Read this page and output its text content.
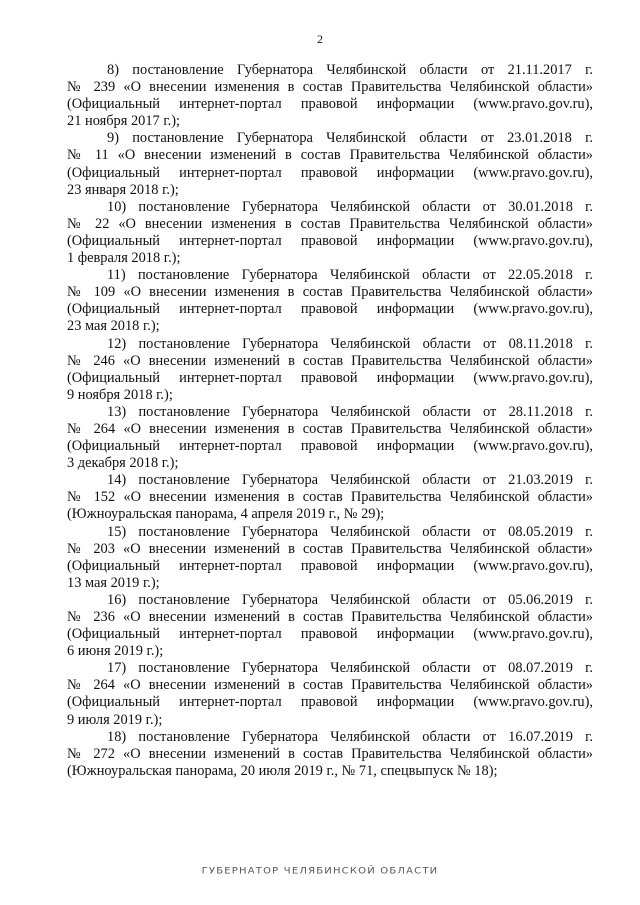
2
8) постановление Губернатора Челябинской области от 21.11.2017 г.
№ 239 «О внесении изменения в состав Правительства Челябинской области»
(Официальный интернет-портал правовой информации (www.pravo.gov.ru),
21 ноября 2017 г.);
9) постановление Губернатора Челябинской области от 23.01.2018 г.
№ 11 «О внесении изменений в состав Правительства Челябинской области»
(Официальный интернет-портал правовой информации (www.pravo.gov.ru),
23 января 2018 г.);
10) постановление Губернатора Челябинской области от 30.01.2018 г.
№ 22 «О внесении изменения в состав Правительства Челябинской области»
(Официальный интернет-портал правовой информации (www.pravo.gov.ru),
1 февраля 2018 г.);
11) постановление Губернатора Челябинской области от 22.05.2018 г.
№ 109 «О внесении изменения в состав Правительства Челябинской области»
(Официальный интернет-портал правовой информации (www.pravo.gov.ru),
23 мая 2018 г.);
12) постановление Губернатора Челябинской области от 08.11.2018 г.
№ 246 «О внесении изменений в состав Правительства Челябинской области»
(Официальный интернет-портал правовой информации (www.pravo.gov.ru),
9 ноября 2018 г.);
13) постановление Губернатора Челябинской области от 28.11.2018 г.
№ 264 «О внесении изменения в состав Правительства Челябинской области»
(Официальный интернет-портал правовой информации (www.pravo.gov.ru),
3 декабря 2018 г.);
14) постановление Губернатора Челябинской области от 21.03.2019 г.
№ 152 «О внесении изменения в состав Правительства Челябинской области»
(Южноуральская панорама, 4 апреля 2019 г., № 29);
15) постановление Губернатора Челябинской области от 08.05.2019 г.
№ 203 «О внесении изменений в состав Правительства Челябинской области»
(Официальный интернет-портал правовой информации (www.pravo.gov.ru),
13 мая 2019 г.);
16) постановление Губернатора Челябинской области от 05.06.2019 г.
№ 236 «О внесении изменений в состав Правительства Челябинской области»
(Официальный интернет-портал правовой информации (www.pravo.gov.ru),
6 июня 2019 г.);
17) постановление Губернатора Челябинской области от 08.07.2019 г.
№ 264 «О внесении изменений в состав Правительства Челябинской области»
(Официальный интернет-портал правовой информации (www.pravo.gov.ru),
9 июля 2019 г.);
18) постановление Губернатора Челябинской области от 16.07.2019 г.
№ 272 «О внесении изменений в состав Правительства Челябинской области»
(Южноуральская панорама, 20 июля 2019 г., № 71, спецвыпуск № 18);
ГУБЕРНАТОР ЧЕЛЯБИНСКОЙ ОБЛАСТИ
